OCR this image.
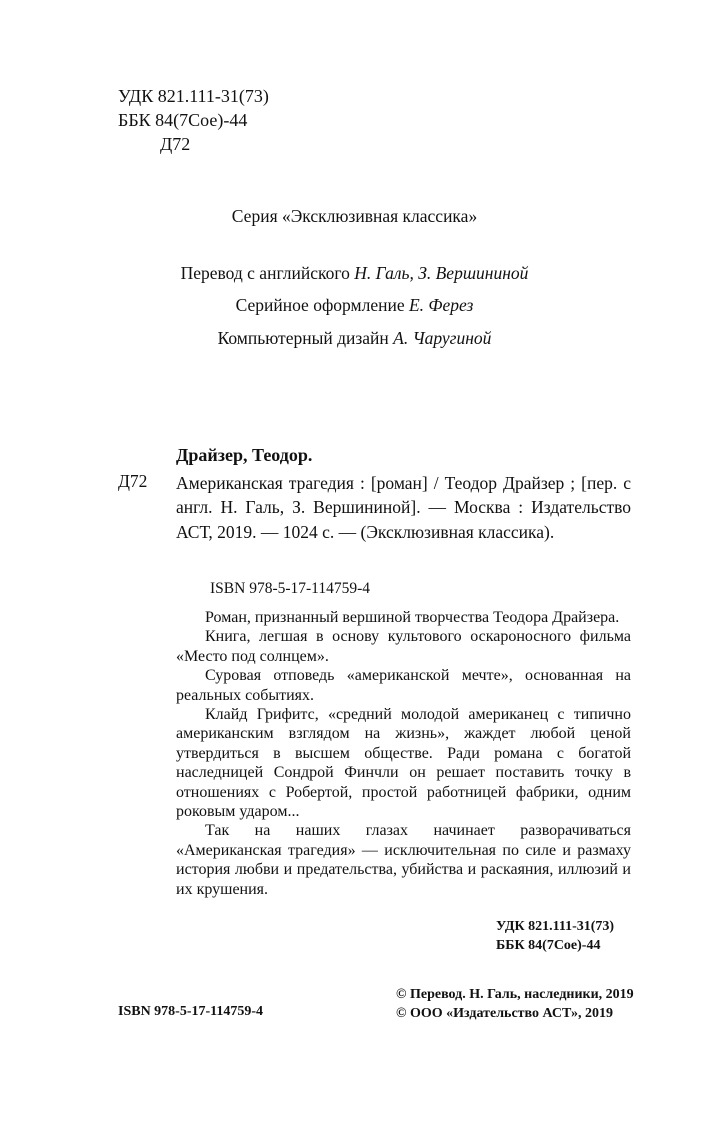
УДК 821.111-31(73)
ББК 84(7Сое)-44
Д72
Серия «Эксклюзивная классика»
Перевод с английского Н. Галь, З. Вершининой
Серийное оформление Е. Ферез
Компьютерный дизайн А. Чаругиной
Драйзер, Теодор.
Д72 Американская трагедия : [роман] / Теодор Драйзер ; [пер. с англ. Н. Галь, З. Вершининой]. — Москва : Издательство АСТ, 2019. — 1024 с. — (Эксклюзивная классика).
ISBN 978-5-17-114759-4

Роман, признанный вершиной творчества Теодора Драйзера.

Книга, легшая в основу культового оскароносного фильма «Место под солнцем».

Суровая отповедь «американской мечте», основанная на реальных событиях.

Клайд Грифитс, «средний молодой американец с типично американским взглядом на жизнь», жаждет любой ценой утвердиться в высшем обществе. Ради романа с богатой наследницей Сондрой Финчли он решает поставить точку в отношениях с Робертой, простой работницей фабрики, одним роковым ударом...

Так на наших глазах начинает разворачиваться «Американская трагедия» — исключительная по силе и размаху история любви и предательства, убийства и раскаяния, иллюзий и их крушения.

УДК 821.111-31(73)
ББК 84(7Сое)-44
© Перевод. Н. Галь, наследники, 2019
© ООО «Издательство АСТ», 2019
ISBN 978-5-17-114759-4
